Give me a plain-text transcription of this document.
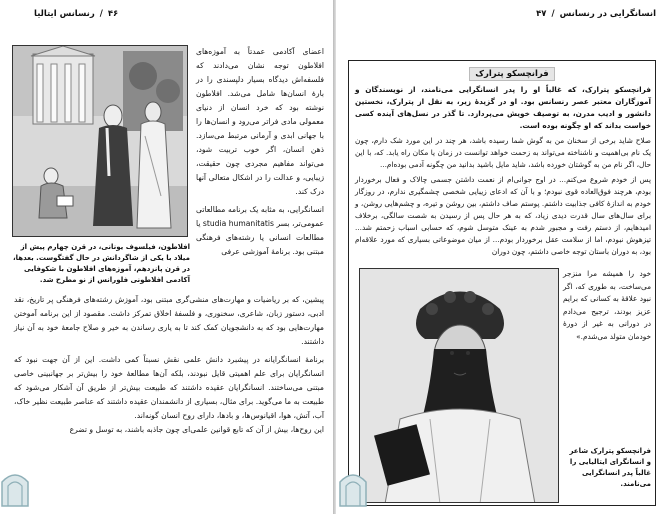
۴۶
/
رنسانس ایتالیا
افلاطون، فیلسوف یونانی، در قرن چهارم پیش از میلاد با یکی از شاگردانش در حال گفتگوست. بعدها، در قرن پانزدهم، آموزه‌های افلاطون با شکوفایی آکادمی افلاطونی فلورانس از نو مطرح شد.

اعضای آکادمی عمدتاً به آموزه‌های افلاطون توجه نشان می‌دادند که فلسفه‌اش دیدگاه بسیار دلپسندی را در بارهٔ انسان‌ها شامل می‌شد. افلاطون نوشته بود که خرد انسان از دنیای معمولی مادی فراتر می‌رود و انسان‌ها را با جهانی ابدی و آرمانی مرتبط می‌سازد. ذهن انسان، اگر خوب تربیت شود، می‌تواند مفاهیم مجردی چون حقیقت، زیبایی، و عدالت را در اشکال متعالی آنها درک کند.

انسانگرایی، به مثابه یک برنامه مطالعاتی عمومی‌تر، بسر studia humanitatis یا مطالعات انسانی یا رشته‌های فرهنگی مبتنی بود. برنامهٔ آموزشی عرفی

پیشین، که بر ریاضیات و مهارت‌های منشی‌گری مبتنی بود، آموزش رشته‌های فرهنگی پر تاریخ، نقد ادبی، دستور زبان، شاعری، سخنوری، و فلسفهٔ اخلاق تمرکز داشت. مقصود از این برنامه آموختن مهارت‌هایی بود که به دانشجویان کمک کند تا به یاری رساندن به خیر و صلاح جامعهٔ خود به آن نیاز داشتند.

برنامهٔ انسانگرایانه در پیشبرد دانش علمی نقش نسبتاً کمی داشت. این از آن جهت نبود که انسانگرایان برای علم اهمیتی قایل نبودند، بلکه آن‌ها مطالعهٔ خود را بیش‌تر بر جهانبینی خاصی مبتنی می‌ساختند. انسانگرایان عقیده داشتند که طبیعت بیش‌تر از طریق آن آشکار می‌شود که طبیعت به ما می‌گوید. برای مثال، بسیاری از دانشمندان عقیده داشتند که عناصر طبیعت نظیر خاک، آب، آتش، هوا، اقیانوس‌ها، و بادها، دارای روح انسان گونه‌اند.

این روح‌ها، بیش از آن که تابع قوانین علمی‌ای چون جاذبه باشند، به توسل و تضرع

انسانگرایی در رنسانس
/
۴۷
فرانچسکو پترارک

فرانچسکو پترارک، که غالباً او را پدر انسانگرایی می‌نامند، از نویسندگان و آموزگاران معتبر عصر رنسانس بود. او در گزیدهٔ زیر، به نقل از پترارک، نخستین دانشور و ادیب مدرن، به توصیف خویش می‌پردازد. تا گذر در نسل‌های آینده کسی خواست بداند که او چگونه بوده است.

صلاح شاید برخی از سخنان من به گوش شما رسیده باشد، هر چند در این مورد شک دارم، چون یک نام بی‌اهمیت و ناشناخته می‌تواند به زحمت خواهد توانست در زمان یا مکان راه یابد. که، با این حال، اگر نام من به گوشتان خورده باشد، شاید مایل باشید بدانید من چگونه آدمی بوده‌ام...

پس از خودم شروع می‌کنم... در اوج جوانی‌ام از نعمت داشتن جسمی چالاک و فعال برخوردار بودم، هرچند فوق‌العاده قوی نبودم؛ و با آن که ادعای زیبایی شخصی چشمگیری ندارم، در روزگار خودم به اندازهٔ کافی جذابیت داشتم. پوستم صاف داشتم، بین روشن و تیره، و چشم‌هایی روشن، و برای سال‌های سال قدرت دیدی زیاد، که به هر حال پس از رسیدن به شصت سالگی، برخلاف امیدهایم، از دستم رفت و مجبور شدم به عینک متوسل شوم، که حسابی اسباب زحمتم شد... تیزهوش نبودم، اما از سلامت عقل برخوردار بودم... از میان موضوعاتی بسیاری که مورد علاقه‌ام بود، به دوران باستان توجه خاصی داشتم، چون دوران

خود را همیشه مرا منزجر می‌ساخت، به طوری که، اگر نبود علاقهٔ به کسانی که برایم عزیز بودند، ترجیح می‌دادم در دورانی به غیر از دورهٔ خودمان متولد می‌شدم.»

فرانچسکو پترارک شاعر و انسانگرای ایتالیایی را غالباً پدر انسانگرایی می‌نامند.
